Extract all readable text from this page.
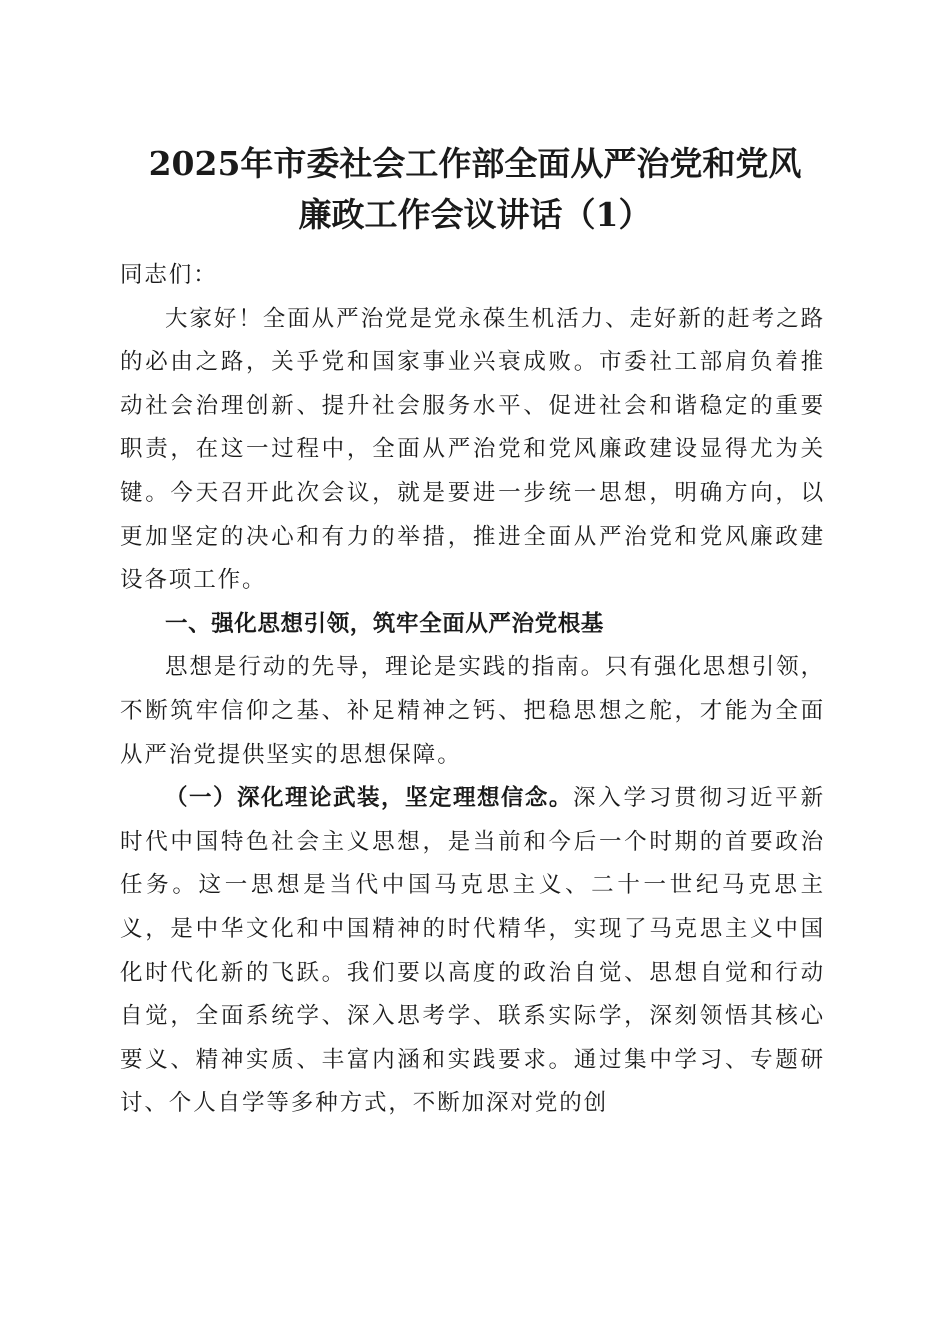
2025年市委社会工作部全面从严治党和党风
廉政工作会议讲话（1）

同志们：

大家好！全面从严治党是党永葆生机活力、走好新的赶考之路的必由之路，关乎党和国家事业兴衰成败。市委社工部肩负着推动社会治理创新、提升社会服务水平、促进社会和谐稳定的重要职责，在这一过程中，全面从严治党和党风廉政建设显得尤为关键。今天召开此次会议，就是要进一步统一思想，明确方向，以更加坚定的决心和有力的举措，推进全面从严治党和党风廉政建设各项工作。

一、强化思想引领，筑牢全面从严治党根基

思想是行动的先导，理论是实践的指南。只有强化思想引领，不断筑牢信仰之基、补足精神之钙、把稳思想之舵，才能为全面从严治党提供坚实的思想保障。

（一）深化理论武装，坚定理想信念。深入学习贯彻习近平新时代中国特色社会主义思想，是当前和今后一个时期的首要政治任务。这一思想是当代中国马克思主义、二十一世纪马克思主义，是中华文化和中国精神的时代精华，实现了马克思主义中国化时代化新的飞跃。我们要以高度的政治自觉、思想自觉和行动自觉，全面系统学、深入思考学、联系实际学，深刻领悟其核心要义、精神实质、丰富内涵和实践要求。通过集中学习、专题研讨、个人自学等多种方式，不断加深对党的创
